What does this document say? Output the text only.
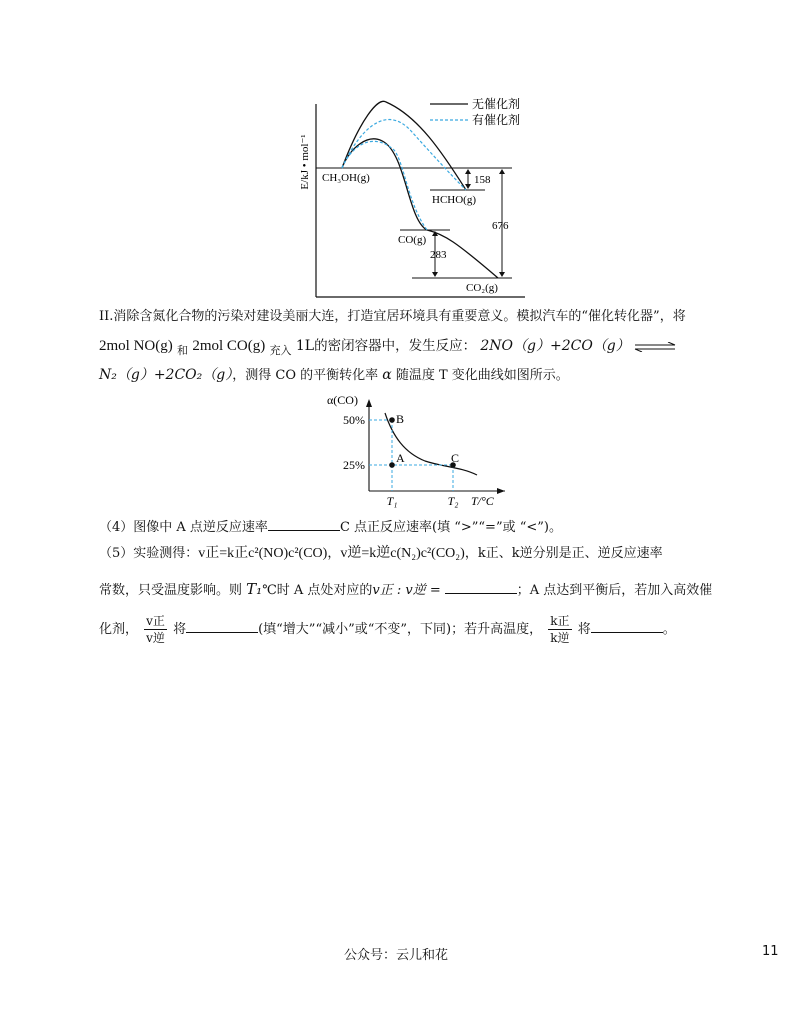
E/kJ • mol⁻¹
无催化剂
有催化剂
CH₃OH(g)
HCHO(g)
CO(g)
CO₂(g)
158
676
283
II.消除含氮化合物的污染对建设美丽大连，打造宜居环境具有重要意义。模拟汽车的“催化转化器”，将
2mol NO(g) $_和$ 2mol CO(g) $_{充入}$ 1L的密闭容器中，发生反应： 2NO（g）+2CO（g） ⇌
N₂（g）+2CO₂（g），测得 CO 的平衡转化率 α 随温度 T 变化曲线如图所示。
α(CO)
T/°C
50%
25%
T₁	T₂
B
A	C
（4）图像中 A 点逆反应速率	C 点正反应速率(填 “>”“=”或 “<”)。
（5）实验测得：v正=k正c²(NO)c²(CO)，v逆=k逆c(N₂)c²(CO₂)，k正、k逆分别是正、逆反应速率
常数，只受温度影响。则 T₁℃时 A 点处对应的v正 : v逆 =	；A 点达到平衡后，若加入高效催
化剂， $\frac{\text{v正}}{\text{v逆}}$ 将	(填“增大”“减小”或“不变”，下同)；若升高温度， $\frac{\text{k正}}{\text{k逆}}$ 将	。
公众号：云儿和花	11
